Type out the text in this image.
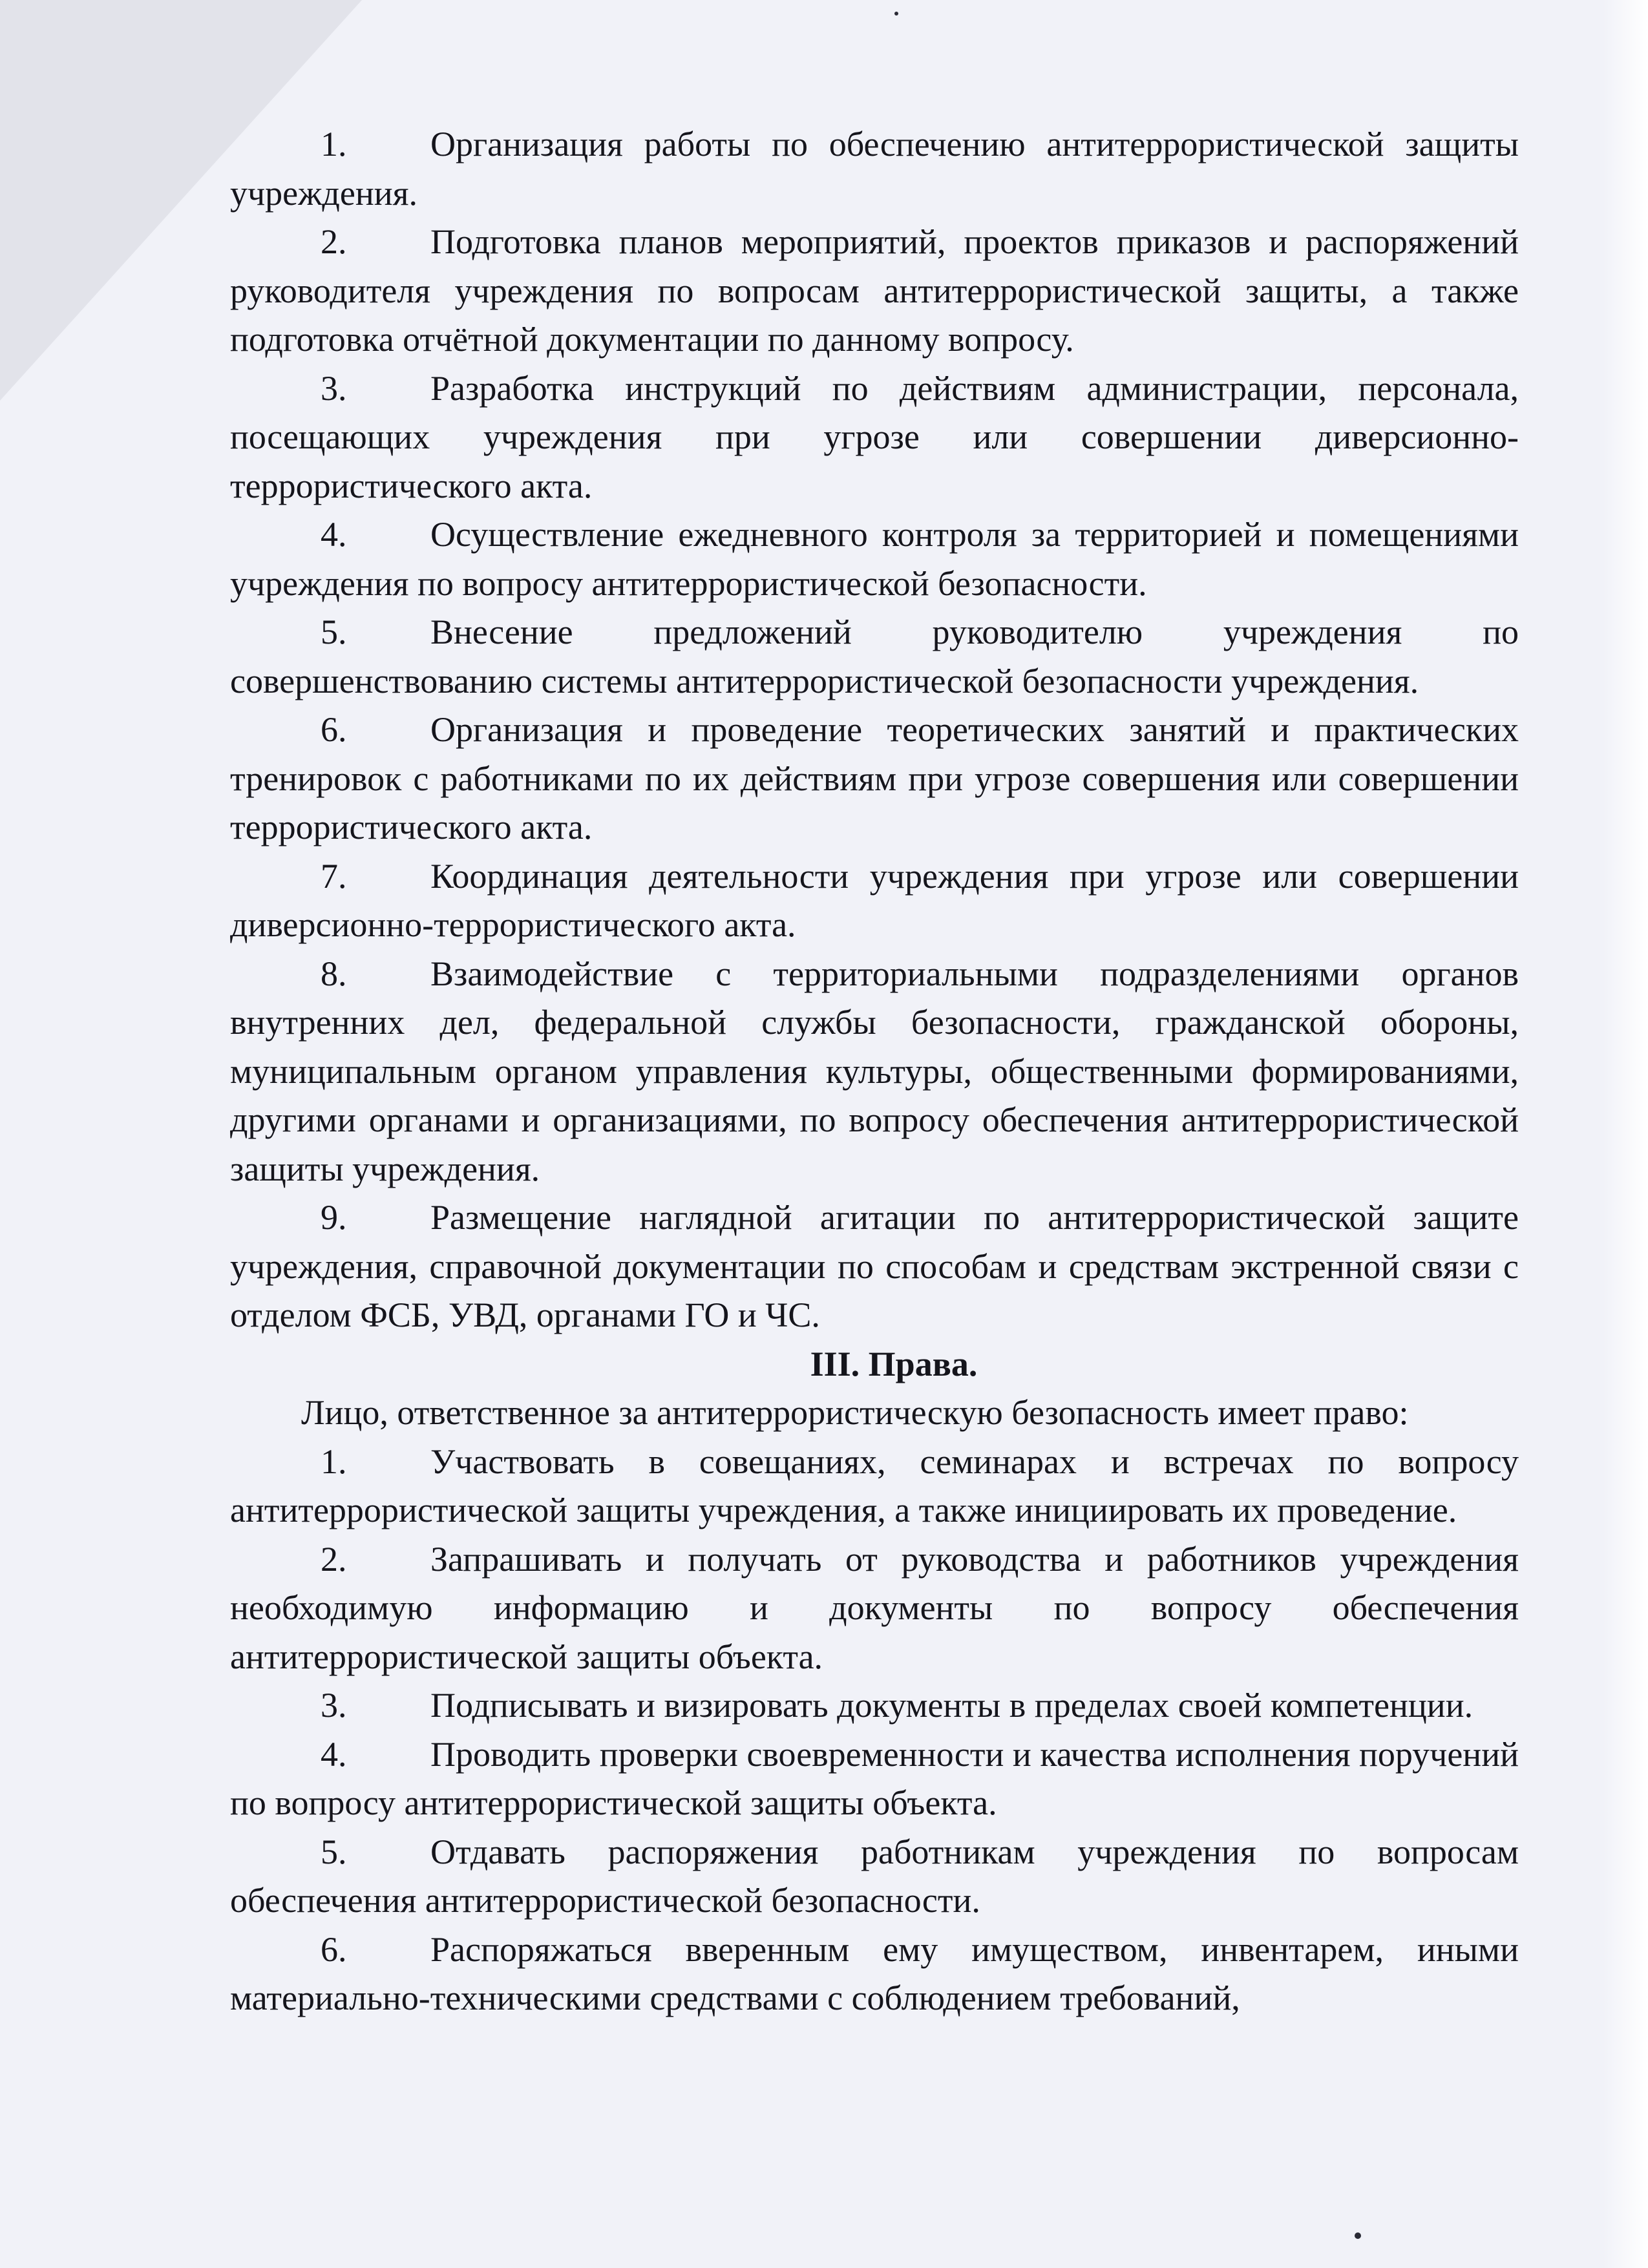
1. Организация работы по обеспечению антитеррористической защиты учреждения.

2. Подготовка планов мероприятий, проектов приказов и распоряжений руководителя учреждения по вопросам антитеррористической защиты, а также подготовка отчётной документации по данному вопросу.

3. Разработка инструкций по действиям администрации, персонала, посещающих учреждения при угрозе или совершении диверсионно-террористического акта.

4. Осуществление ежедневного контроля за территорией и помещениями учреждения по вопросу антитеррористической безопасности.

5. Внесение предложений руководителю учреждения по совершенствованию системы антитеррористической безопасности учреждения.

6. Организация и проведение теоретических занятий и практических тренировок с работниками по их действиям при угрозе совершения или совершении террористического акта.

7. Координация деятельности учреждения при угрозе или совершении диверсионно-террористического акта.

8. Взаимодействие с территориальными подразделениями органов внутренних дел, федеральной службы безопасности, гражданской обороны, муниципальным органом управления культуры, общественными формированиями, другими органами и организациями, по вопросу обеспечения антитеррористической защиты учреждения.

9. Размещение наглядной агитации по антитеррористической защите учреждения, справочной документации по способам и средствам экстренной связи с отделом ФСБ, УВД, органами ГО и ЧС.

III. Права.

Лицо, ответственное за антитеррористическую безопасность имеет право:

1. Участвовать в совещаниях, семинарах и встречах по вопросу антитеррористической защиты учреждения, а также инициировать их проведение.

2. Запрашивать и получать от руководства и работников учреждения необходимую информацию и документы по вопросу обеспечения антитеррористической защиты объекта.

3. Подписывать и визировать документы в пределах своей компетенции.

4. Проводить проверки своевременности и качества исполнения поручений по вопросу антитеррористической защиты объекта.

5. Отдавать распоряжения работникам учреждения по вопросам обеспечения антитеррористической безопасности.

6. Распоряжаться вверенным ему имуществом, инвентарем, иными материально-техническими средствами с соблюдением требований,
